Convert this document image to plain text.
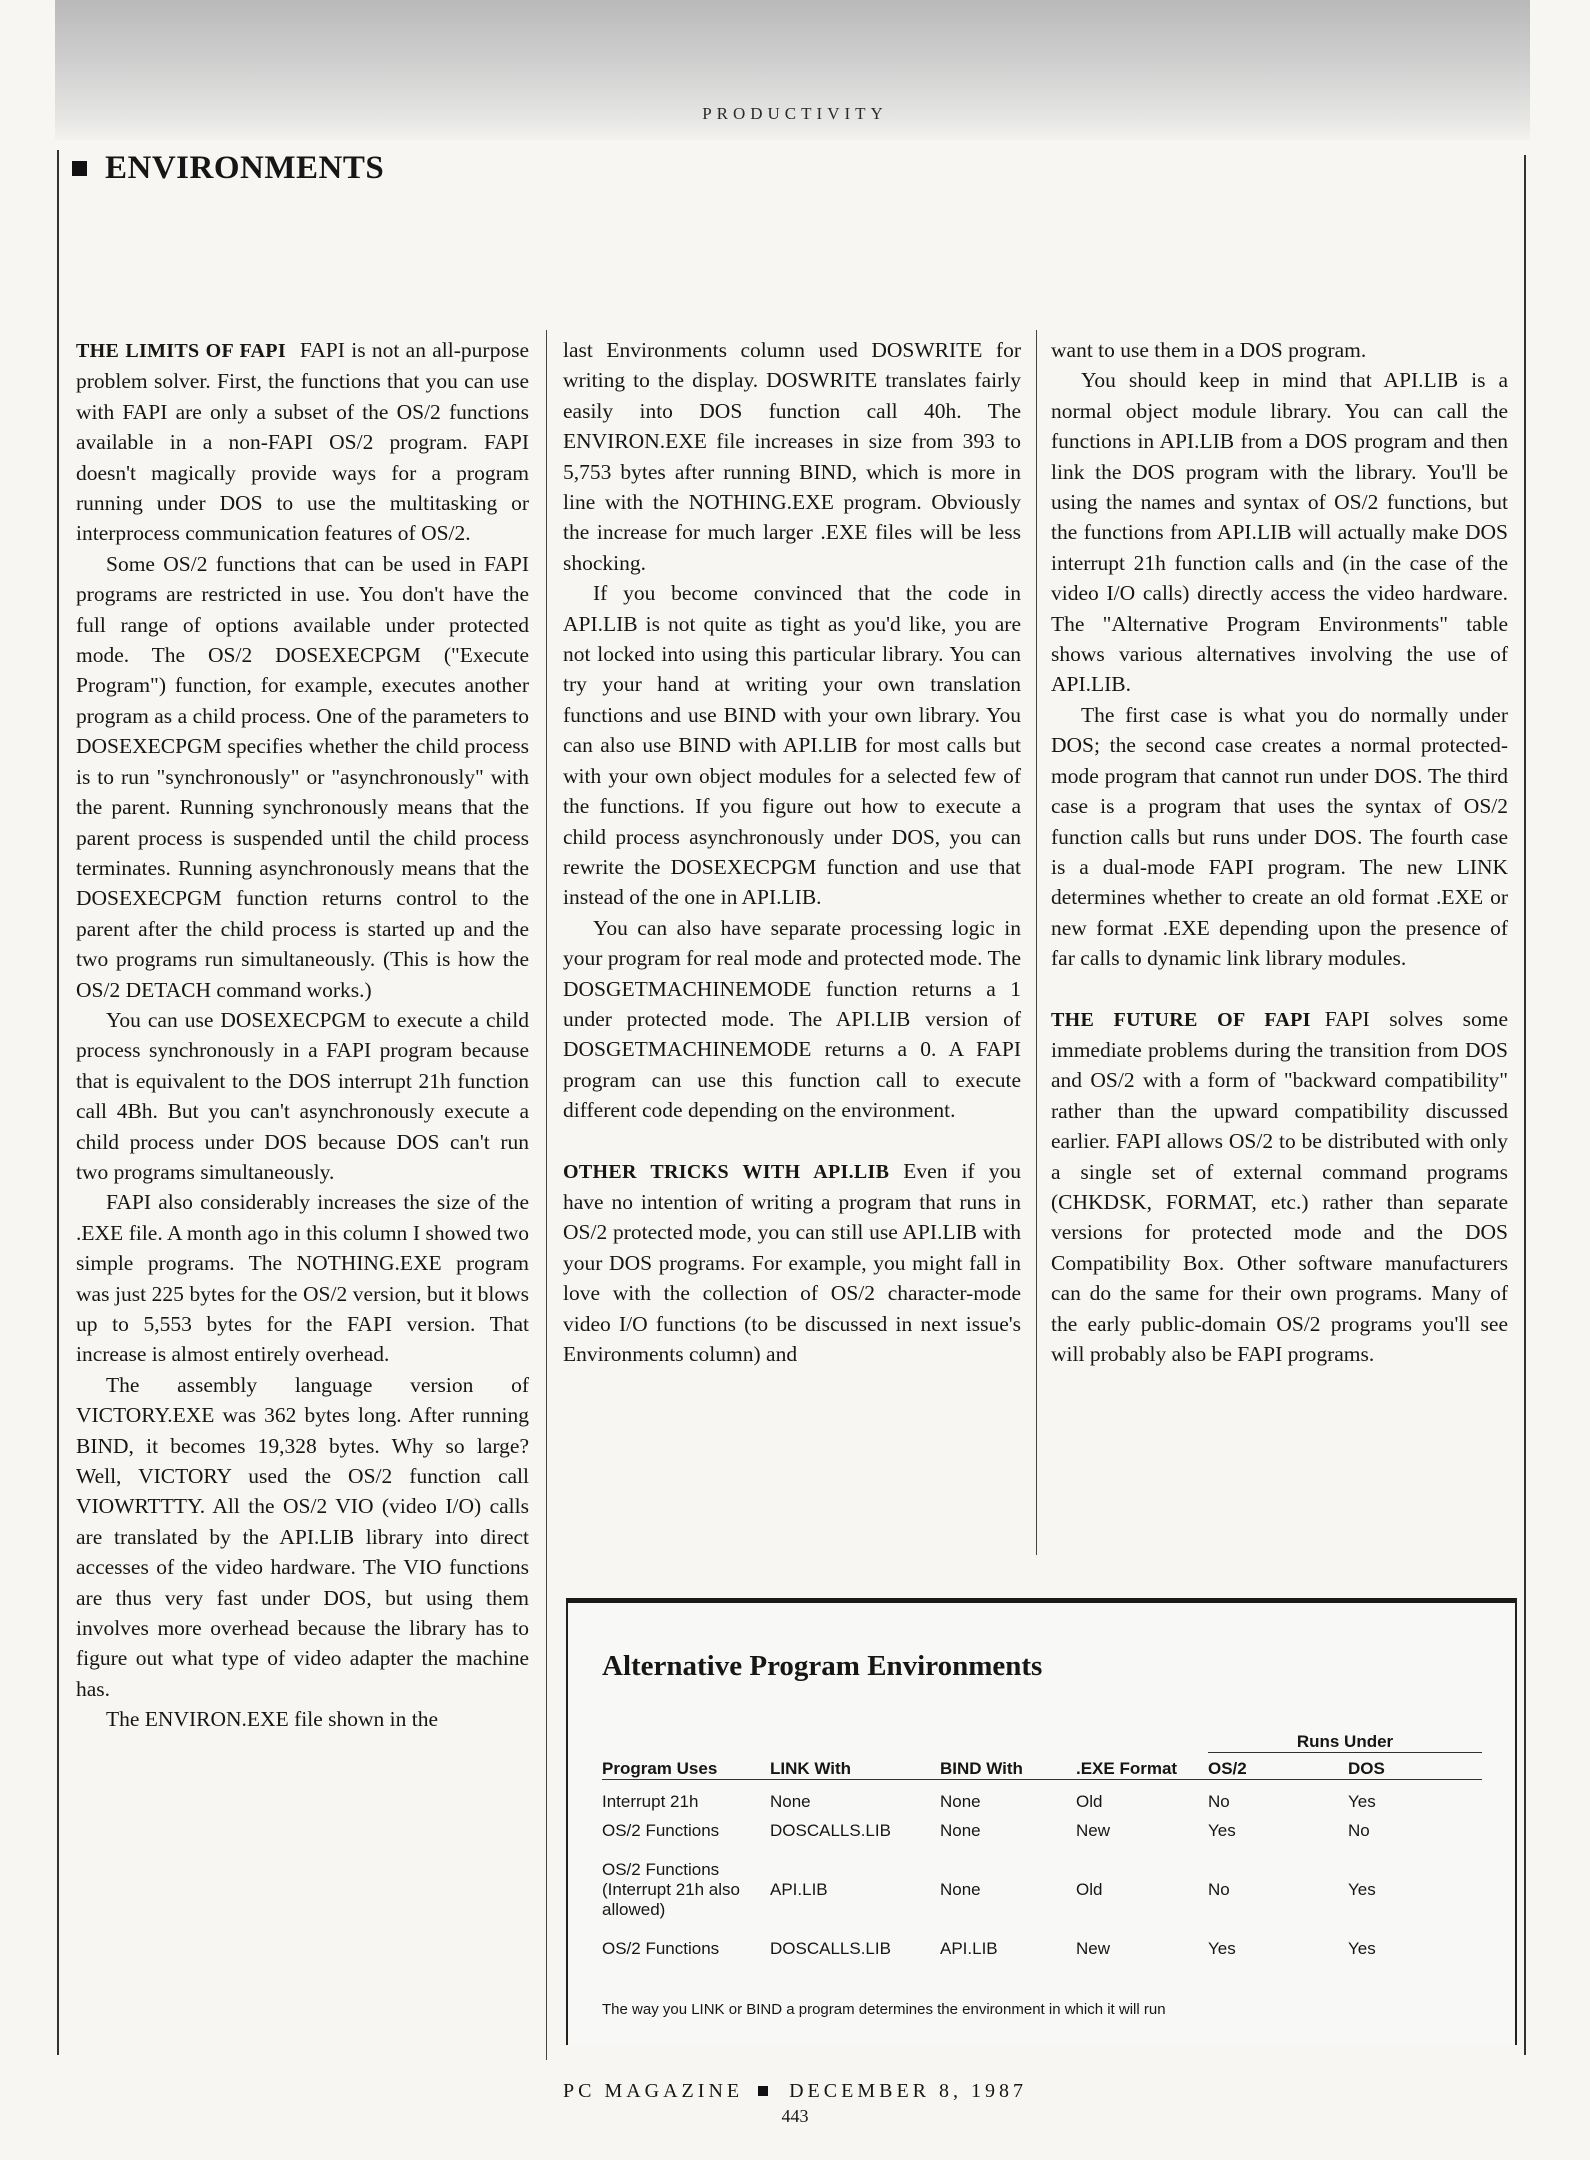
PRODUCTIVITY
ENVIRONMENTS

THE LIMITS OF FAPI FAPI is not an all-purpose problem solver. First, the functions that you can use with FAPI are only a subset of the OS/2 functions available in a non-FAPI OS/2 program. FAPI doesn't magically provide ways for a program running under DOS to use the multitasking or interprocess communication features of OS/2.

Some OS/2 functions that can be used in FAPI programs are restricted in use. You don't have the full range of options available under protected mode. The OS/2 DOSEXECPGM ("Execute Program") function, for example, executes another program as a child process. One of the parameters to DOSEXECPGM specifies whether the child process is to run "synchronously" or "asynchronously" with the parent. Running synchronously means that the parent process is suspended until the child process terminates. Running asynchronously means that the DOSEXECPGM function returns control to the parent after the child process is started up and the two programs run simultaneously. (This is how the OS/2 DETACH command works.)

You can use DOSEXECPGM to execute a child process synchronously in a FAPI program because that is equivalent to the DOS interrupt 21h function call 4Bh. But you can't asynchronously execute a child process under DOS because DOS can't run two programs simultaneously.

FAPI also considerably increases the size of the .EXE file. A month ago in this column I showed two simple programs. The NOTHING.EXE program was just 225 bytes for the OS/2 version, but it blows up to 5,553 bytes for the FAPI version. That increase is almost entirely overhead.

The assembly language version of VICTORY.EXE was 362 bytes long. After running BIND, it becomes 19,328 bytes. Why so large? Well, VICTORY used the OS/2 function call VIOWRTTTY. All the OS/2 VIO (video I/O) calls are translated by the API.LIB library into direct accesses of the video hardware. The VIO functions are thus very fast under DOS, but using them involves more overhead because the library has to figure out what type of video adapter the machine has.

The ENVIRON.EXE file shown in the

last Environments column used DOSWRITE for writing to the display. DOSWRITE translates fairly easily into DOS function call 40h. The ENVIRON.EXE file increases in size from 393 to 5,753 bytes after running BIND, which is more in line with the NOTHING.EXE program. Obviously the increase for much larger .EXE files will be less shocking.

If you become convinced that the code in API.LIB is not quite as tight as you'd like, you are not locked into using this particular library. You can try your hand at writing your own translation functions and use BIND with your own library. You can also use BIND with API.LIB for most calls but with your own object modules for a selected few of the functions. If you figure out how to execute a child process asynchronously under DOS, you can rewrite the DOSEXECPGM function and use that instead of the one in API.LIB.

You can also have separate processing logic in your program for real mode and protected mode. The DOSGETMACHINEMODE function returns a 1 under protected mode. The API.LIB version of DOSGETMACHINEMODE returns a 0. A FAPI program can use this function call to execute different code depending on the environment.

OTHER TRICKS WITH API.LIB Even if you have no intention of writing a program that runs in OS/2 protected mode, you can still use API.LIB with your DOS programs. For example, you might fall in love with the collection of OS/2 character-mode video I/O functions (to be discussed in next issue's Environments column) and

want to use them in a DOS program.

You should keep in mind that API.LIB is a normal object module library. You can call the functions in API.LIB from a DOS program and then link the DOS program with the library. You'll be using the names and syntax of OS/2 functions, but the functions from API.LIB will actually make DOS interrupt 21h function calls and (in the case of the video I/O calls) directly access the video hardware. The "Alternative Program Environments" table shows various alternatives involving the use of API.LIB.

The first case is what you do normally under DOS; the second case creates a normal protected-mode program that cannot run under DOS. The third case is a program that uses the syntax of OS/2 function calls but runs under DOS. The fourth case is a dual-mode FAPI program. The new LINK determines whether to create an old format .EXE or new format .EXE depending upon the presence of far calls to dynamic link library modules.

THE FUTURE OF FAPI FAPI solves some immediate problems during the transition from DOS and OS/2 with a form of "backward compatibility" rather than the upward compatibility discussed earlier. FAPI allows OS/2 to be distributed with only a single set of external command programs (CHKDSK, FORMAT, etc.) rather than separate versions for protected mode and the DOS Compatibility Box. Other software manufacturers can do the same for their own programs. Many of the early public-domain OS/2 programs you'll see will probably also be FAPI programs.

Alternative Program Environments
				Runs Under	
Program Uses	LINK With	BIND With	.EXE Format	OS/2	DOS
Interrupt 21h	None	None	Old	No	Yes
OS/2 Functions	DOSCALLS.LIB	None	New	Yes	No
OS/2 Functions (Interrupt 21h also allowed)	API.LIB	None	Old	No	Yes
OS/2 Functions	DOSCALLS.LIB	API.LIB	New	Yes	Yes
The way you LINK or BIND a program determines the environment in which it will run
PC MAGAZINE DECEMBER 8, 1987
443
